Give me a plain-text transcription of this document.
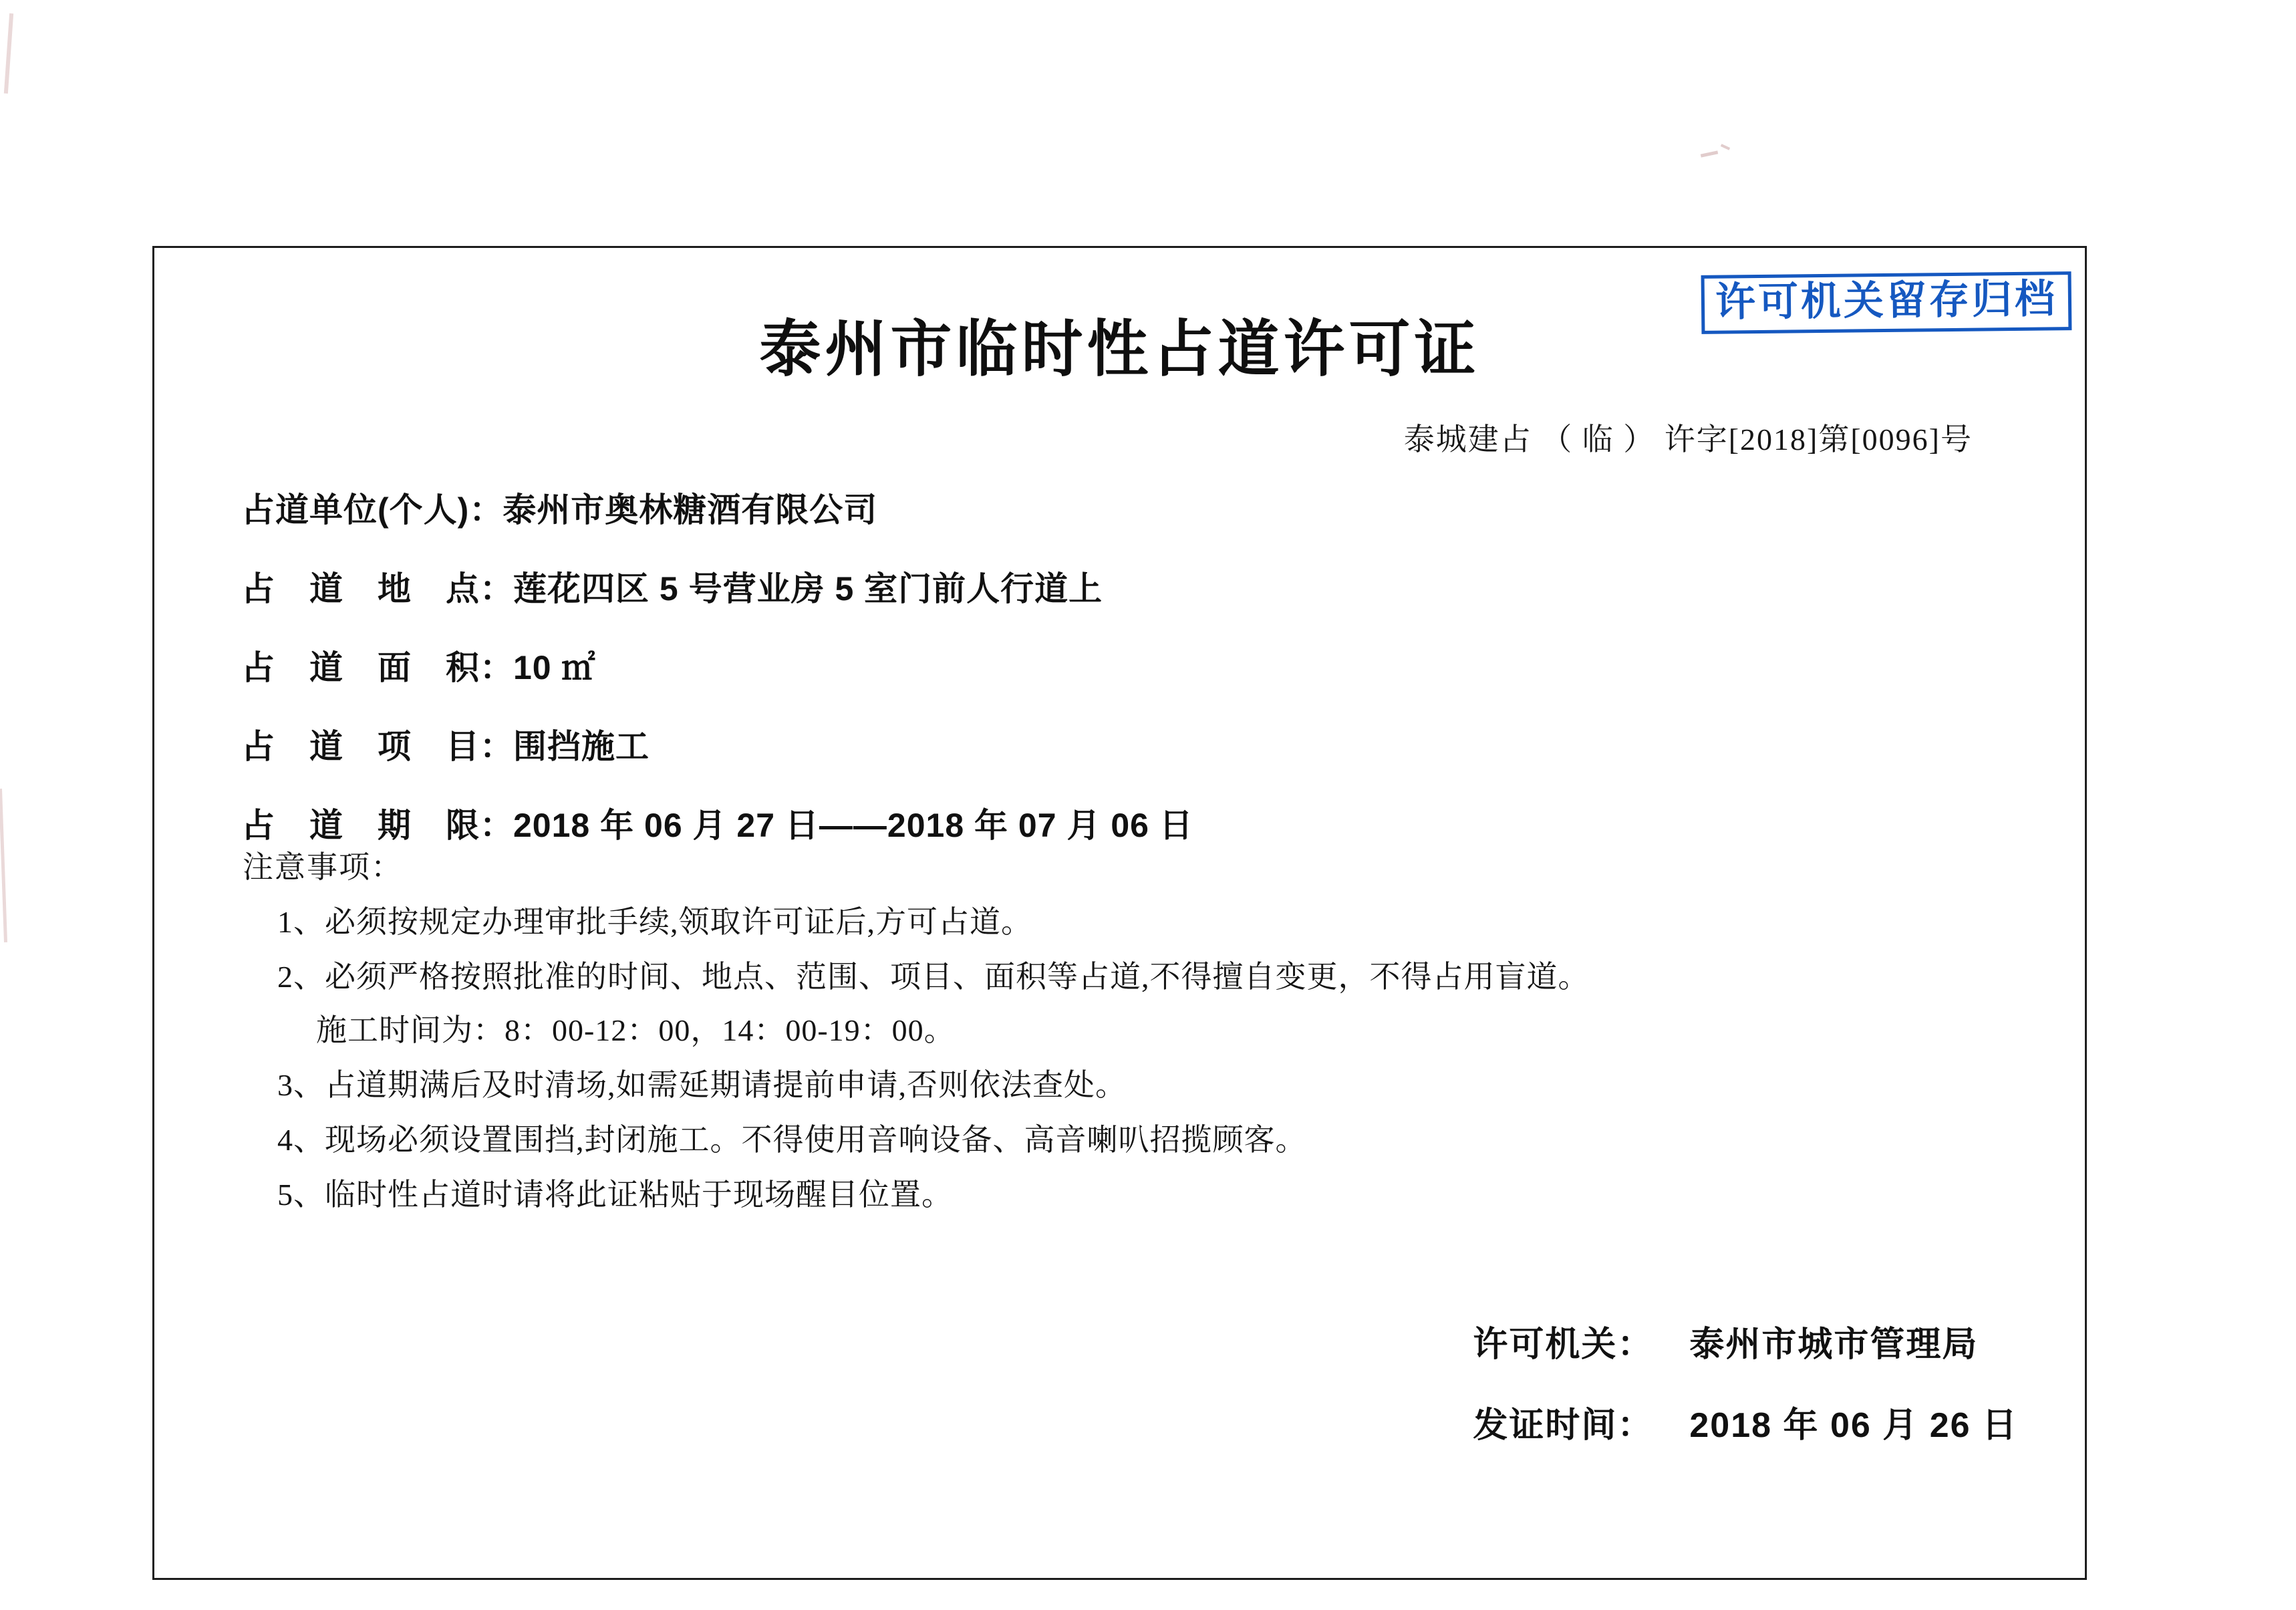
泰州市临时性占道许可证
许可机关留存归档
泰城建占 （ 临 ） 许字[2018]第[0096]号
占道单位(个人) ： 泰州市奥林糖酒有限公司
占　道　地　点 ： 莲花四区 5 号营业房 5 室门前人行道上
占　道　面　积 ： 10 ㎡
占　道　项　目 ： 围挡施工
占　道　期　限 ： 2018 年 06 月 27 日——2018 年 07 月 06 日
注意事项：
1、必须按规定办理审批手续,领取许可证后,方可占道。
2、必须严格按照批准的时间、地点、范围、项目、面积等占道,不得擅自变更，不得占用盲道。
施工时间为：8：00-12：00，14：00-19：00。
3、占道期满后及时清场,如需延期请提前申请,否则依法查处。
4、现场必须设置围挡,封闭施工。不得使用音响设备、高音喇叭招揽顾客。
5、临时性占道时请将此证粘贴于现场醒目位置。
许可机关： 泰州市城市管理局
发证时间： 2018 年 06 月 26 日
